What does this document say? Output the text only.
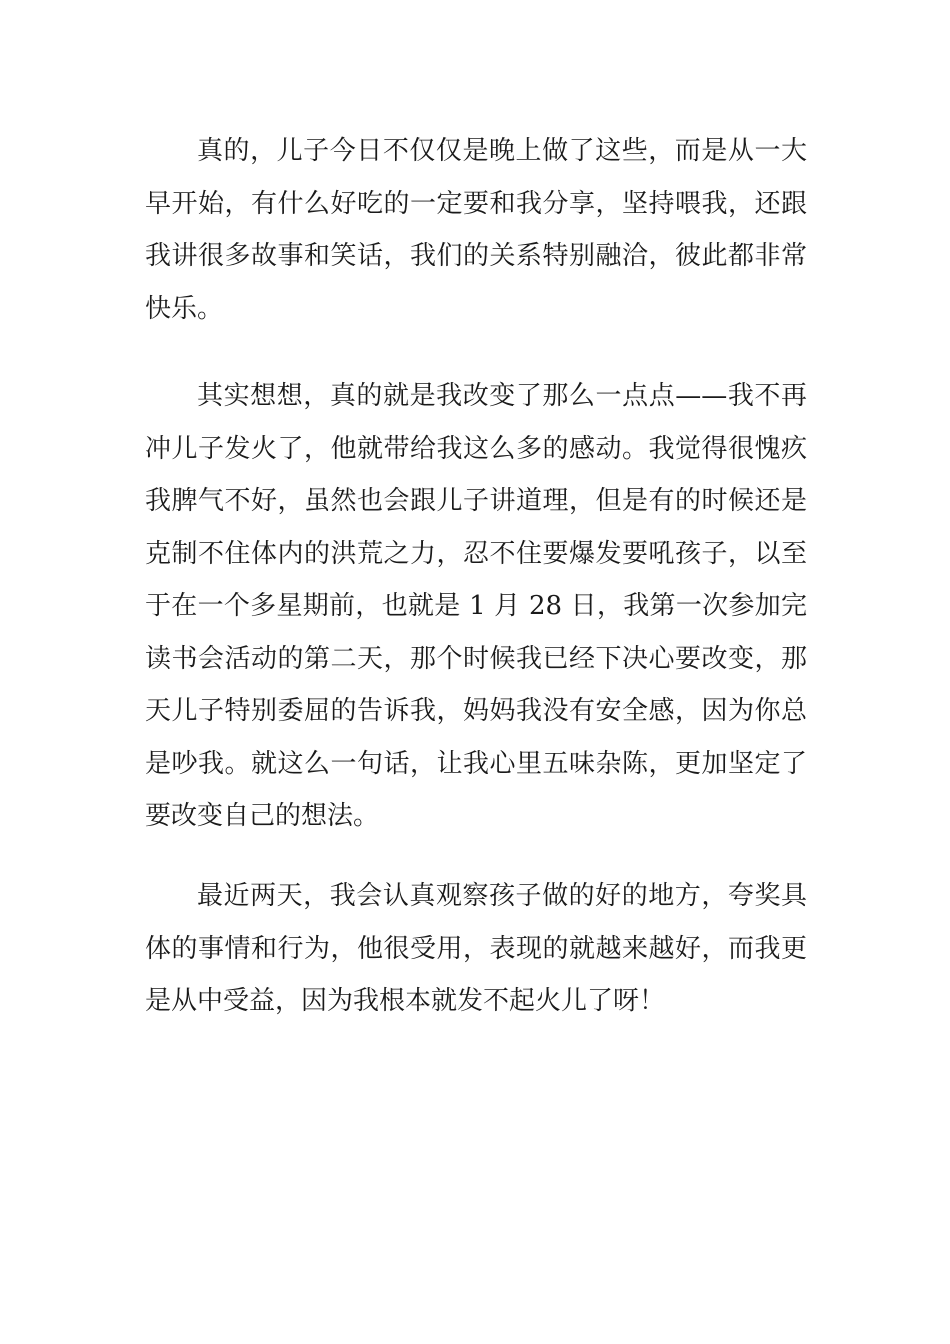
真的，儿子今日不仅仅是晚上做了这些，而是从一大早开始，有什么好吃的一定要和我分享，坚持喂我，还跟我讲很多故事和笑话，我们的关系特别融洽，彼此都非常快乐。

其实想想，真的就是我改变了那么一点点——我不再冲儿子发火了，他就带给我这么多的感动。我觉得很愧疚我脾气不好，虽然也会跟儿子讲道理，但是有的时候还是克制不住体内的洪荒之力，忍不住要爆发要吼孩子，以至于在一个多星期前，也就是 1 月 28 日，我第一次参加完读书会活动的第二天，那个时候我已经下决心要改变，那天儿子特别委屈的告诉我，妈妈我没有安全感，因为你总是吵我。就这么一句话，让我心里五味杂陈，更加坚定了要改变自己的想法。

最近两天，我会认真观察孩子做的好的地方，夸奖具体的事情和行为，他很受用，表现的就越来越好，而我更是从中受益，因为我根本就发不起火儿了呀！
